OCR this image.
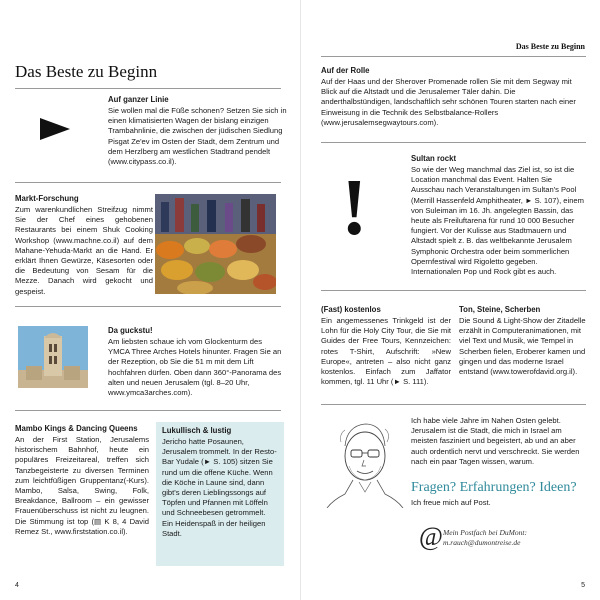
Das Beste zu Beginn
Auf ganzer Linie
Sie wollen mal die Füße schonen? Setzen Sie sich in einen klimatisierten Wagen der bislang einzigen Trambahnlinie, die zwischen der jüdischen Siedlung Pisgat Ze'ev im Osten der Stadt, dem Zentrum und dem Herzlberg am westlichen Stadtrand pendelt (www.citypass.co.il).
Markt-Forschung
Zum warenkundlichen Streifzug nimmt Sie der Chef eines gehobenen Restaurants bei einem Shuk Cooking Workshop (www.machne.co.il) auf dem Mahane-Yehuda-Markt an die Hand. Er erklärt Ihnen Gewürze, Käsesorten oder die Bedeutung von Sesam für die Mezze. Danach wird gekocht und gespeist.
Da guckstu!
Am liebsten schaue ich vom Glockenturm des YMCA Three Arches Hotels hinunter. Fragen Sie an der Rezeption, ob Sie die 51 m mit dem Lift hochfahren dürfen. Oben dann 360°-Panorama des alten und neuen Jerusalem (tgl. 8–20 Uhr, www.ymca3arches.com).
Mambo Kings & Dancing Queens
An der First Station, Jerusalems historischem Bahnhof, heute ein populäres Freizeitareal, treffen sich Tanzbegeisterte zu diversen Terminen zum leichtfüßigen Gruppentanz(-Kurs). Mambo, Salsa, Swing, Folk, Breakdance, Ballroom – ein gewisser Frauenüberschuss ist nicht zu leugnen. Die Stimmung ist top (▤ K 8, 4 David Remez St., www.firststation.co.il).
Lukullisch & lustig
Jericho hatte Posaunen, Jerusalem trommelt. In der Resto-Bar Yudale (► S. 105) sitzen Sie rund um die offene Küche. Wenn die Köche in Laune sind, dann gibt's deren Lieblingssongs auf Töpfen und Pfannen mit Löffeln und Schneebesen getrommelt. Ein Heidenspaß in der heiligen Stadt.
4
Das Beste zu Beginn
Auf der Rolle
Auf der Haas und der Sherover Promenade rollen Sie mit dem Segway mit Blick auf die Altstadt und die Jerusalemer Täler dahin. Die anderthalbstündigen, landschaftlich sehr schönen Touren starten nach einer Einweisung in die Technik des Selbstbalance-Rollers (www.jerusalemsegwaytours.com).
!
Sultan rockt
So wie der Weg manchmal das Ziel ist, so ist die Location manchmal das Event. Halten Sie Ausschau nach Veranstaltungen im Sultan's Pool (Merrill Hassenfeld Amphitheater, ► S. 107), einem von Suleiman im 16. Jh. angelegten Bassin, das heute als Freiluftarena für rund 10 000 Besucher fungiert. Vor der Kulisse aus Stadtmauern und Altstadt spielt z. B. das weltbekannte Jerusalem Symphonic Orchestra oder beim sommerlichen Opernfestival wird Rigoletto gegeben. Internationalen Pop und Rock gibt es auch.
(Fast) kostenlos
Ein angemessenes Trinkgeld ist der Lohn für die Holy City Tour, die Sie mit Guides der Free Tours, Kennzeichen: rotes T-Shirt, Aufschrift: »New Europe«, antreten – also nicht ganz kostenlos. Einfach zum Jaffator kommen, tgl. 11 Uhr (► S. 111).
Ton, Steine, Scherben
Die Sound & Light-Show der Zitadelle erzählt in Computeranimationen, mit viel Text und Musik, wie Tempel in Scherben fielen, Eroberer kamen und gingen und das moderne Israel entstand (www.towerofdavid.org.il).
Ich habe viele Jahre im Nahen Osten gelebt. Jerusalem ist die Stadt, die mich in Israel am meisten fasziniert und begeistert, ab und an aber auch ordentlich nervt und verschreckt. Sie werden nach ein paar Tagen wissen, warum.
Fragen? Erfahrungen? Ideen?
Ich freue mich auf Post.
@ Mein Postfach bei DuMont:
m.rauch@dumontreise.de
5
